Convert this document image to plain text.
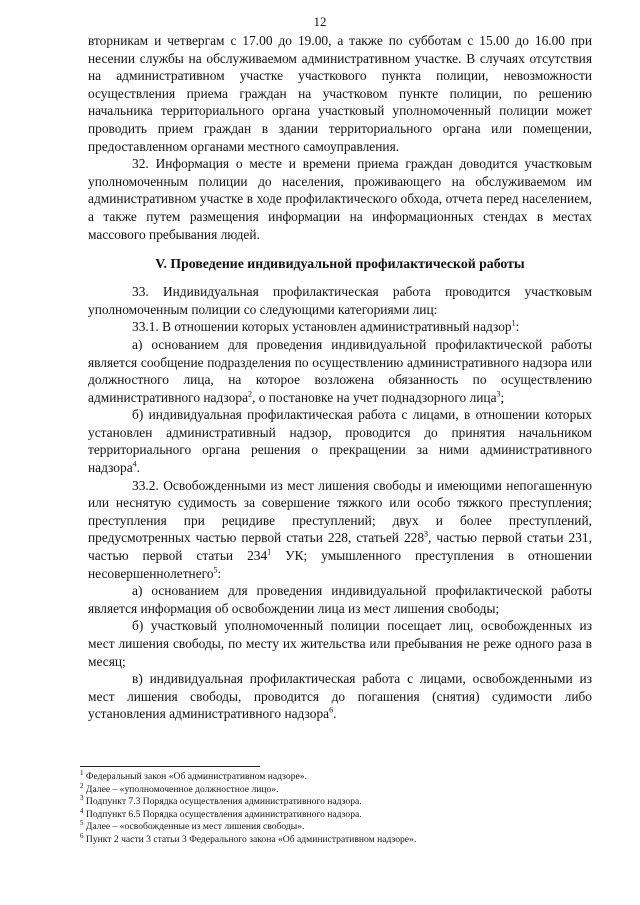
12

вторникам и четвергам с 17.00 до 19.00, а также по субботам с 15.00 до 16.00 при несении службы на обслуживаемом административном участке. В случаях отсутствия на административном участке участкового пункта полиции, невозможности осуществления приема граждан на участковом пункте полиции, по решению начальника территориального органа участковый уполномоченный полиции может проводить прием граждан в здании территориального органа или помещении, предоставленном органами местного самоуправления.

32. Информация о месте и времени приема граждан доводится участковым уполномоченным полиции до населения, проживающего на обслуживаемом им административном участке в ходе профилактического обхода, отчета перед населением, а также путем размещения информации на информационных стендах в местах массового пребывания людей.

V. Проведение индивидуальной профилактической работы

33. Индивидуальная профилактическая работа проводится участковым уполномоченным полиции со следующими категориями лиц:

33.1. В отношении которых установлен административный надзор$^1$:

а) основанием для проведения индивидуальной профилактической работы является сообщение подразделения по осуществлению административного надзора или должностного лица, на которое возложена обязанность по осуществлению административного надзора$^2$, о постановке на учет поднадзорного лица$^3$;

б) индивидуальная профилактическая работа с лицами, в отношении которых установлен административный надзор, проводится до принятия начальником территориального органа решения о прекращении за ними административного надзора$^4$.

33.2. Освобожденными из мест лишения свободы и имеющими непогашенную или неснятую судимость за совершение тяжкого или особо тяжкого преступления; преступления при рецидиве преступлений; двух и более преступлений, предусмотренных частью первой статьи 228, статьей $228^3$, частью первой статьи 231, частью первой статьи $234^1$ УК; умышленного преступления в отношении несовершеннолетнего$^5$:

а) основанием для проведения индивидуальной профилактической работы является информация об освобождении лица из мест лишения свободы;

б) участковый уполномоченный полиции посещает лиц, освобожденных из мест лишения свободы, по месту их жительства или пребывания не реже одного раза в месяц;

в) индивидуальная профилактическая работа с лицами, освобожденными из мест лишения свободы, проводится до погашения (снятия) судимости либо установления административного надзора$^6$.

$^1$ Федеральный закон «Об административном надзоре».

$^2$ Далее – «уполномоченное должностное лицо».

$^3$ Подпункт 7.3 Порядка осуществления административного надзора.

$^4$ Подпункт 6.5 Порядка осуществления административного надзора.

$^5$ Далее – «освобожденные из мест лишения свободы».

$^6$ Пункт 2 части 3 статьи 3 Федерального закона «Об административном надзоре».
